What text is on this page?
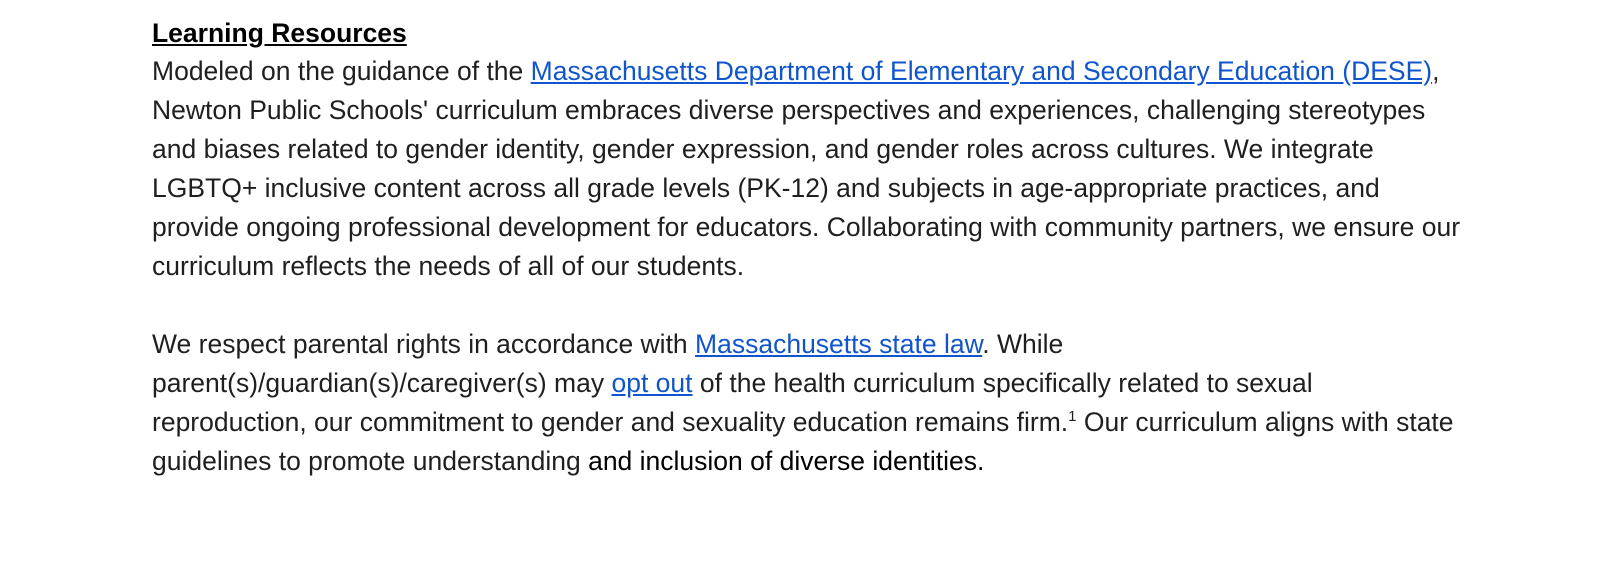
Learning Resources

Modeled on the guidance of the Massachusetts Department of Elementary and Secondary Education (DESE), Newton Public Schools' curriculum embraces diverse perspectives and experiences, challenging stereotypes and biases related to gender identity, gender expression, and gender roles across cultures. We integrate LGBTQ+ inclusive content across all grade levels (PK-12) and subjects in age-appropriate practices, and provide ongoing professional development for educators. Collaborating with community partners, we ensure our curriculum reflects the needs of all of our students.

We respect parental rights in accordance with Massachusetts state law. While parent(s)/guardian(s)/caregiver(s) may opt out of the health curriculum specifically related to sexual reproduction, our commitment to gender and sexuality education remains firm.$^1$ Our curriculum aligns with state guidelines to promote understanding and inclusion of diverse identities.
